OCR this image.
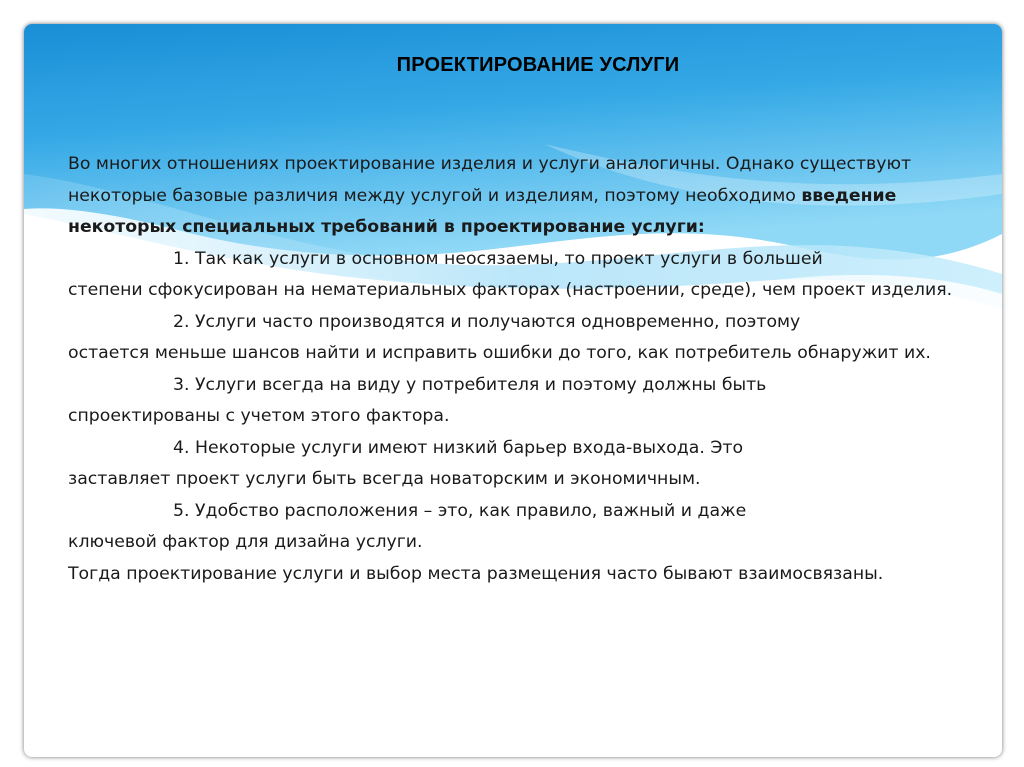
ПРОЕКТИРОВАНИЕ УСЛУГИ

Во многих отношениях проектирование изделия и услуги аналогичны. Однако существуют некоторые базовые различия между услугой и изделиям, поэтому необходимо введение некоторых специальных требований в проектирование услуги:

1. Так как услуги в основном неосязаемы, то проект услуги в большей
степени сфокусирован на нематериальных факторах (настроении, среде), чем проект изделия.

2. Услуги часто производятся и получаются одновременно, поэтому
остается меньше шансов найти и исправить ошибки до того, как потребитель обнаружит их.

3. Услуги всегда на виду у потребителя и поэтому должны быть
спроектированы с учетом этого фактора.

4. Некоторые услуги имеют низкий барьер входа-выхода. Это
заставляет проект услуги быть всегда новаторским и экономичным.

5. Удобство расположения – это, как правило, важный и даже
ключевой фактор для дизайна услуги.

Тогда проектирование услуги и выбор места размещения часто бывают взаимосвязаны.
